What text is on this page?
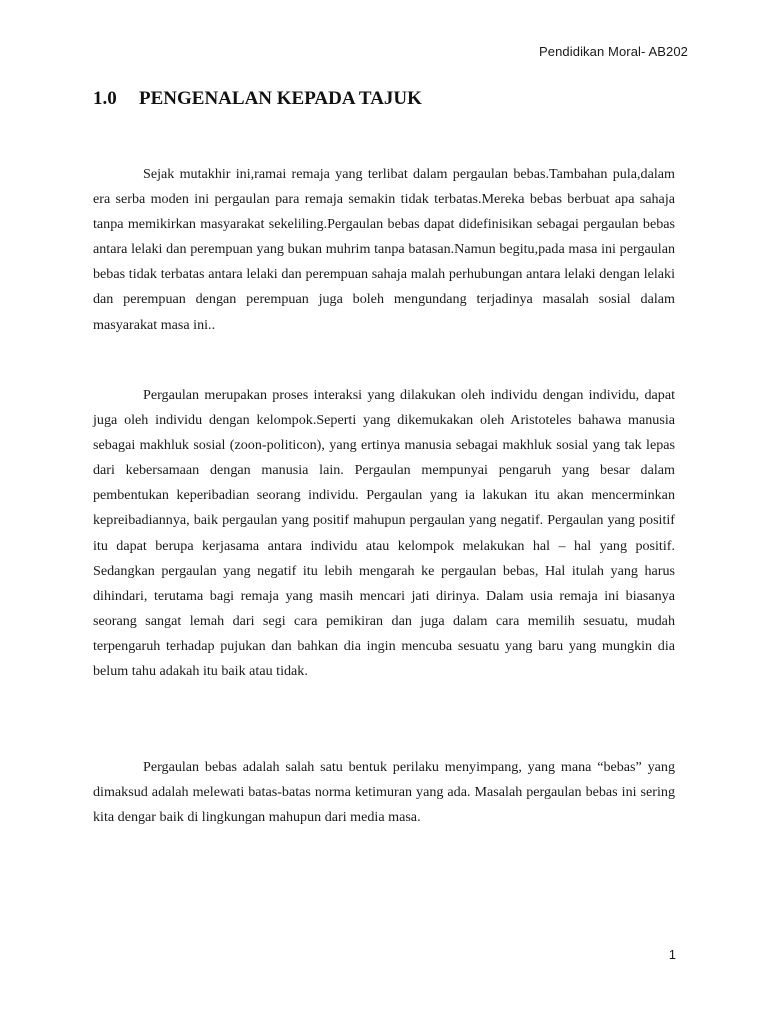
Pendidikan Moral- AB202
1.0 PENGENALAN KEPADA TAJUK

Sejak mutakhir ini,ramai remaja yang terlibat dalam pergaulan bebas.Tambahan pula,dalam era serba moden ini pergaulan para remaja semakin tidak terbatas.Mereka bebas berbuat apa sahaja tanpa memikirkan masyarakat sekeliling.Pergaulan bebas dapat didefinisikan sebagai pergaulan bebas antara lelaki dan perempuan yang bukan muhrim tanpa batasan.Namun begitu,pada masa ini pergaulan bebas tidak terbatas antara lelaki dan perempuan sahaja malah perhubungan antara lelaki dengan lelaki dan perempuan dengan perempuan juga boleh mengundang terjadinya masalah sosial dalam masyarakat masa ini..

Pergaulan merupakan proses interaksi yang dilakukan oleh individu dengan individu, dapat juga oleh individu dengan kelompok.Seperti yang dikemukakan oleh Aristoteles bahawa manusia sebagai makhluk sosial (zoon-politicon), yang ertinya manusia sebagai makhluk sosial yang tak lepas dari kebersamaan dengan manusia lain. Pergaulan mempunyai pengaruh yang besar dalam pembentukan keperibadian seorang individu. Pergaulan yang ia lakukan itu akan mencerminkan kepreibadiannya, baik pergaulan yang positif mahupun pergaulan yang negatif. Pergaulan yang positif itu dapat berupa kerjasama antara individu atau kelompok melakukan hal – hal yang positif. Sedangkan pergaulan yang negatif itu lebih mengarah ke pergaulan bebas, Hal itulah yang harus dihindari, terutama bagi remaja yang masih mencari jati dirinya. Dalam usia remaja ini biasanya seorang sangat lemah dari segi cara pemikiran dan juga dalam cara memilih sesuatu, mudah terpengaruh terhadap pujukan dan bahkan dia ingin mencuba sesuatu yang baru yang mungkin dia belum tahu adakah itu baik atau tidak.

Pergaulan bebas adalah salah satu bentuk perilaku menyimpang, yang mana “bebas” yang dimaksud adalah melewati batas-batas norma ketimuran yang ada. Masalah pergaulan bebas ini sering kita dengar baik di lingkungan mahupun dari media masa.

1
